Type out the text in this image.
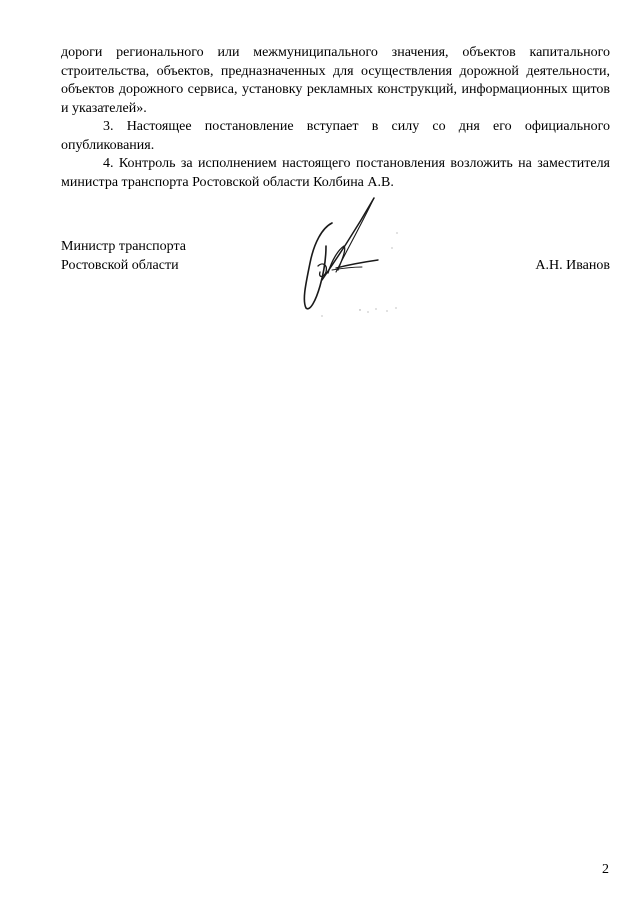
дороги регионального или межмуниципального значения, объектов капитального строительства, объектов, предназначенных для осуществления дорожной деятельности, объектов дорожного сервиса, установку рекламных конструкций, информационных щитов и указателей».

3. Настоящее постановление вступает в силу со дня его официального опубликования.

4. Контроль за исполнением настоящего постановления возложить на заместителя министра транспорта Ростовской области Колбина А.В.

Министр транспорта
Ростовской области	А.Н. Иванов
2
